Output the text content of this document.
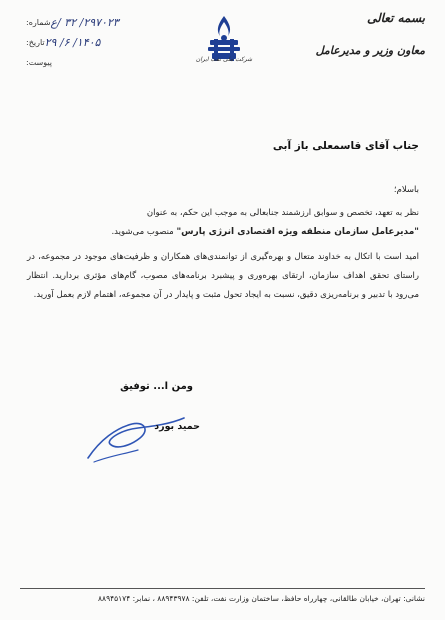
بسمه تعالی
معاون وزیر و مدیرعامل
شرکت ملی نفت ایران
شماره: ۲۹۷۰۲۳/ ۳۲ /ع
تاریخ: ۱۴۰۵/ ۶/ ۲۹
پیوست:
جناب آقای قاسمعلی باز آبی
باسلام؛
نظر به تعهد، تخصص و سوابق ارزشمند جنابعالی به موجب این حکم، به عنوان
"مدیرعامل سازمان منطقه ویژه اقتصادی انرژی پارس" منصوب می‌شوید.
امید است با اتکال به خداوند متعال و بهره‌گیری از توانمندی‌های همکاران و ظرفیت‌های موجود در مجموعه، در راستای تحقق اهداف سازمان، ارتقای بهره‌وری و پیشبرد برنامه‌های مصوب، گام‌های مؤثری بردارید. انتظار می‌رود با تدبیر و برنامه‌ریزی دقیق، نسبت به ایجاد تحول مثبت و پایدار در آن مجموعه، اهتمام لازم بعمل آورید.
ومن ا... توفیق
حمید بورد
نشانی: تهران، خیابان طالقانی، چهارراه حافظ، ساختمان وزارت نفت، تلفن: ۸۸۹۴۳۹۷۸ ، نمابر: ۸۸۹۴۵۱۷۴
